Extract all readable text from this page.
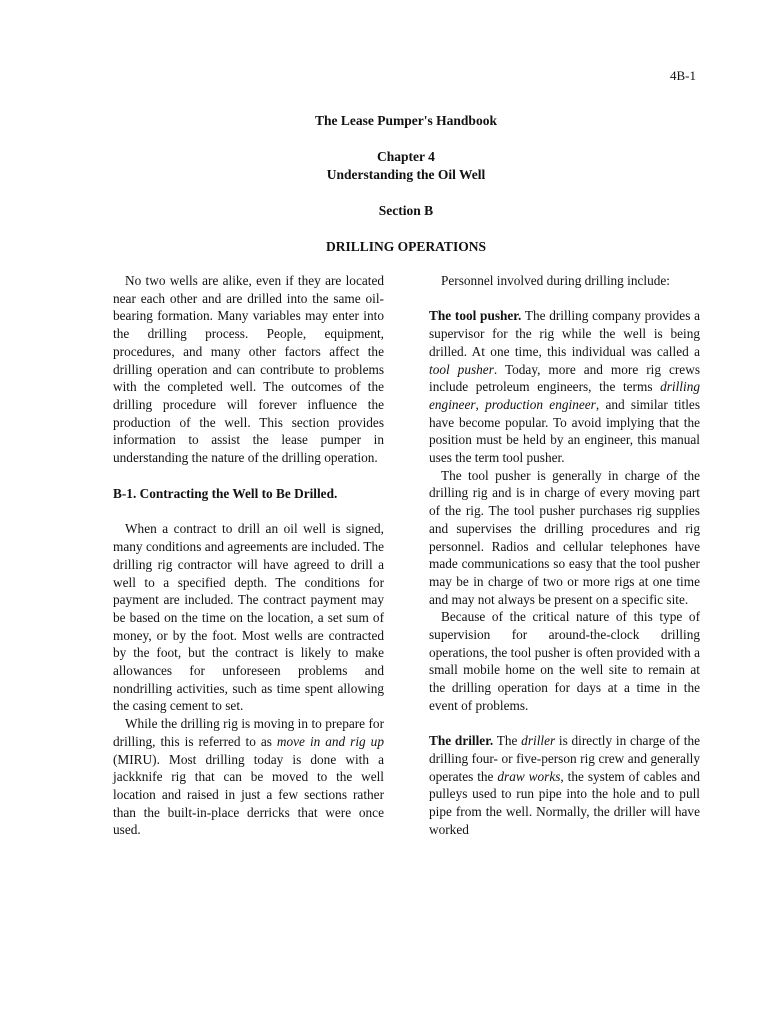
4B-1
The Lease Pumper's Handbook
Chapter 4
Understanding the Oil Well
Section B
DRILLING OPERATIONS

No two wells are alike, even if they are located near each other and are drilled into the same oil-bearing formation. Many variables may enter into the drilling process. People, equipment, procedures, and many other factors affect the drilling operation and can contribute to problems with the completed well. The outcomes of the drilling procedure will forever influence the production of the well. This section provides information to assist the lease pumper in understanding the nature of the drilling operation.

B-1. Contracting the Well to Be Drilled.

When a contract to drill an oil well is signed, many conditions and agreements are included. The drilling rig contractor will have agreed to drill a well to a specified depth. The conditions for payment are included. The contract payment may be based on the time on the location, a set sum of money, or by the foot. Most wells are contracted by the foot, but the contract is likely to make allowances for unforeseen problems and nondrilling activities, such as time spent allowing the casing cement to set.

While the drilling rig is moving in to prepare for drilling, this is referred to as move in and rig up (MIRU). Most drilling today is done with a jackknife rig that can be moved to the well location and raised in just a few sections rather than the built-in-place derricks that were once used.

Personnel involved during drilling include:

The tool pusher. The drilling company provides a supervisor for the rig while the well is being drilled. At one time, this individual was called a tool pusher. Today, more and more rig crews include petroleum engineers, the terms drilling engineer, production engineer, and similar titles have become popular. To avoid implying that the position must be held by an engineer, this manual uses the term tool pusher.

The tool pusher is generally in charge of the drilling rig and is in charge of every moving part of the rig. The tool pusher purchases rig supplies and supervises the drilling procedures and rig personnel. Radios and cellular telephones have made communications so easy that the tool pusher may be in charge of two or more rigs at one time and may not always be present on a specific site.

Because of the critical nature of this type of supervision for around-the-clock drilling operations, the tool pusher is often provided with a small mobile home on the well site to remain at the drilling operation for days at a time in the event of problems.

The driller. The driller is directly in charge of the drilling four- or five-person rig crew and generally operates the draw works, the system of cables and pulleys used to run pipe into the hole and to pull pipe from the well. Normally, the driller will have worked
